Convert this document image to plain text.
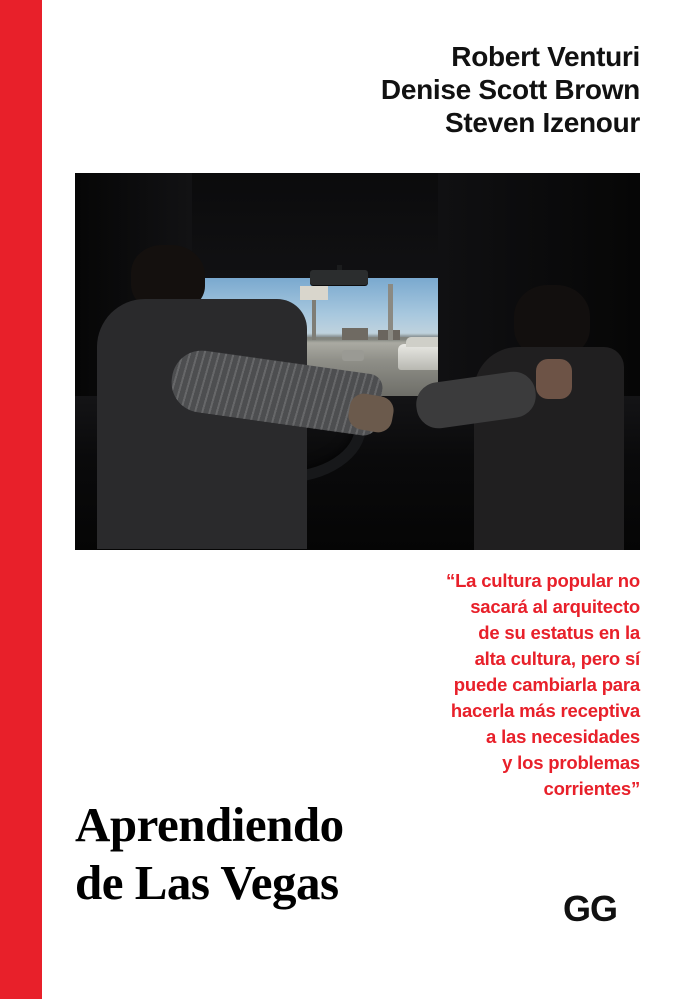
Robert Venturi
Denise Scott Brown
Steven Izenour
“La cultura popular no
sacará al arquitecto
de su estatus en la
alta cultura, pero sí
puede cambiarla para
hacerla más receptiva
a las necesidades
y los problemas
corrientes”
Aprendiendo
de Las Vegas	GG
